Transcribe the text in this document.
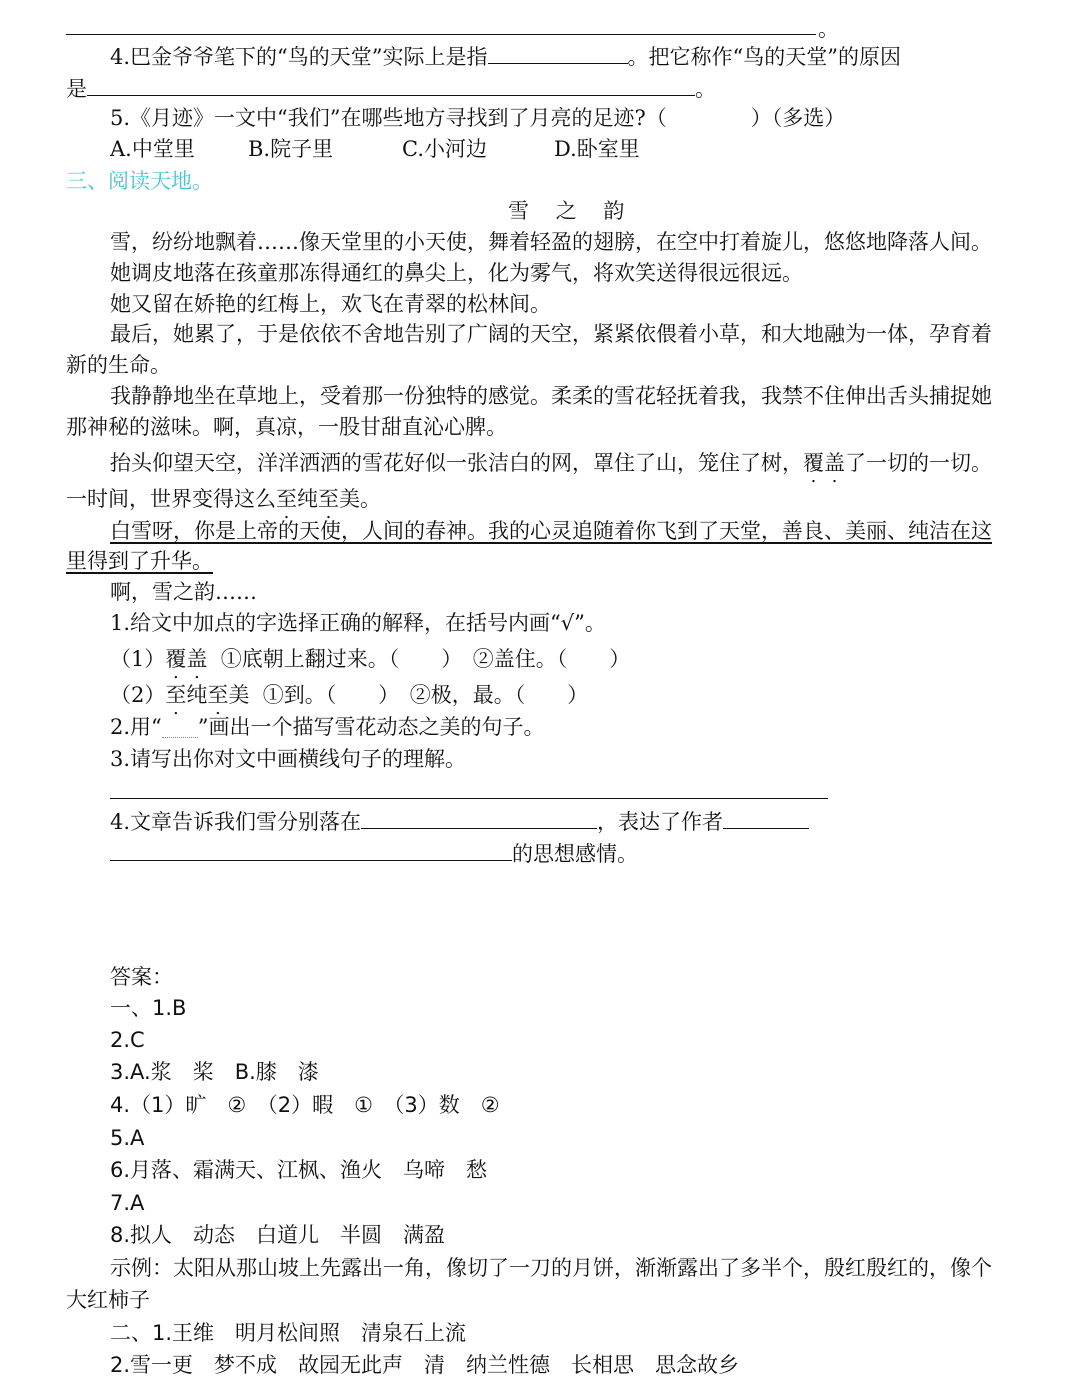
。
4.巴金爷爷笔下的“鸟的天堂”实际上是指	。把它称作“鸟的天堂”的原因
是	。
5.《月迹》一文中“我们”在哪些地方寻找到了月亮的足迹?（　　　　）（多选）
A.中堂里	B.院子里	C.小河边	D.卧室里
三、阅读天地。
雪 之 韵
雪，纷纷地飘着……像天堂里的小天使，舞着轻盈的翅膀，在空中打着旋儿，悠悠地降落人间。
她调皮地落在孩童那冻得通红的鼻尖上，化为雾气，将欢笑送得很远很远。
她又留在娇艳的红梅上，欢飞在青翠的松林间。
最后，她累了，于是依依不舍地告别了广阔的天空，紧紧依偎着小草，和大地融为一体，孕育着
新的生命。
我静静地坐在草地上，受着那一份独特的感觉。柔柔的雪花轻抚着我，我禁不住伸出舌头捕捉她
那神秘的滋味。啊，真凉，一股甘甜直沁心脾。
抬头仰望天空，洋洋洒洒的雪花好似一张洁白的网，罩住了山，笼住了树，覆盖了一切的一切。
一时间，世界变得这么至纯至美。
白雪呀，你是上帝的天使，人间的春神。我的心灵追随着你飞到了天堂，善良、美丽、纯洁在这
里得到了升华。
啊，雪之韵……
1.给文中加点的字选择正确的解释，在括号内画“√”。
（1）覆盖 ①底朝上翻过来。（　　）　②盖住。（　　）
（2）至纯至美 ①到。（　　）　②极，最。（　　）
2.用“ ”画出一个描写雪花动态之美的句子。
3.请写出你对文中画横线句子的理解。
4.文章告诉我们雪分别落在	，表达了作者
的思想感情。
答案：
一、1.B
2.C
3.A.浆　桨　B.膝　漆
4.（1）旷　②　（2）暇　①　（3）数　②
5.A
6.月落、霜满天、江枫、渔火　乌啼　愁
7.A
8.拟人　动态　白道儿　半圆　满盈
示例：太阳从那山坡上先露出一角，像切了一刀的月饼，渐渐露出了多半个，殷红殷红的，像个
大红柿子
二、1.王维　明月松间照　清泉石上流
2.雪一更　梦不成　故园无此声　清　纳兰性德　长相思　思念故乡
